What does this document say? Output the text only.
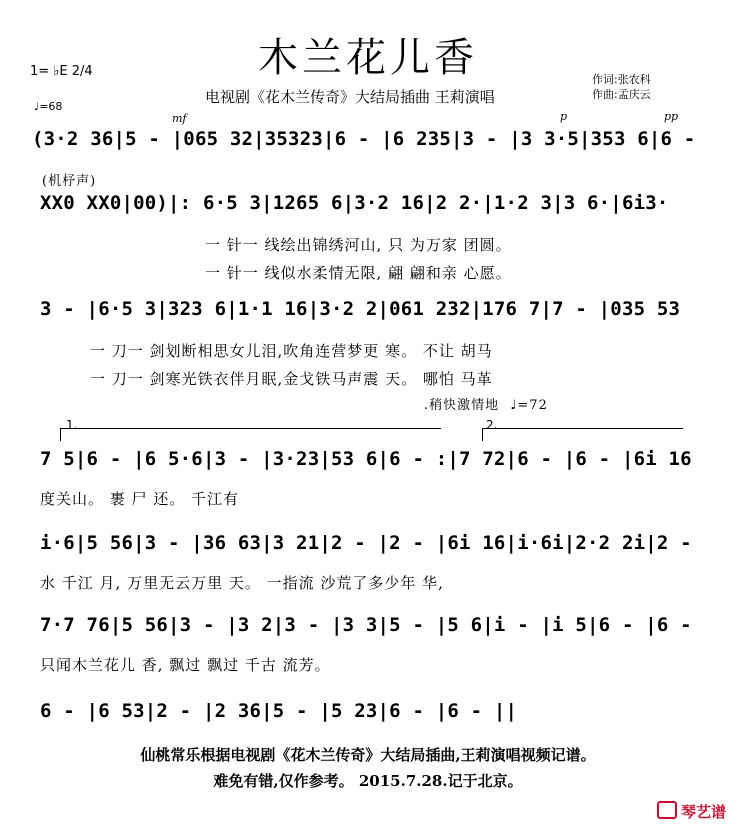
木兰花儿香
1= ♭E 2/4
♩=68
电视剧《花木兰传奇》大结局插曲 王莉演唱
作词:张农科
作曲:孟庆云
mf	p	pp
(3·2 36|5 - |065 32|35323|6 - |6 235|3 - |3 3·5|353 6|6 -
(机杼声)
XX0 XX0|00)|: 6·5 3|1265 6|3·2 16|2 2·|1·2 3|3 6·|6i3·
一 针一 线绘出锦绣河山, 只 为万家 团圆。
一 针一 线似水柔情无限, 翩 翩和亲 心愿。
3 - |6·5 3|323 6|1·1 16|3·2 2|061 232|176 7|7 - |035 53
一 刀一 剑划断相思女儿泪,吹角连营梦更 寒。 不让 胡马
一 刀一 剑寒光铁衣伴月眠,金戈铁马声震 天。 哪怕 马革
.稍快激情地 ♩=72
1.	2.
7 5|6 - |6 5·6|3 - |3·23|53 6|6 - :|7 72|6 - |6 - |6i 16
度关山。 裹 尸 还。 千江有
i·6|5 56|3 - |36 63|3 21|2 - |2 - |6i 16|i·6i|2·2 2i|2 -
水 千江 月, 万里无云万里 天。 一指流 沙荒了多少年 华,
7·7 76|5 56|3 - |3 2|3 - |3 3|5 - |5 6|i - |i 5|6 - |6 -
只闻木兰花儿 香, 飘过 飘过 千古 流芳。
6 - |6 53|2 - |2 36|5 - |5 23|6 - |6 - ||
仙桃常乐根据电视剧《花木兰传奇》大结局插曲,王莉演唱视频记谱。
难免有错,仅作参考。 2015.7.28.记于北京。
琴艺谱
